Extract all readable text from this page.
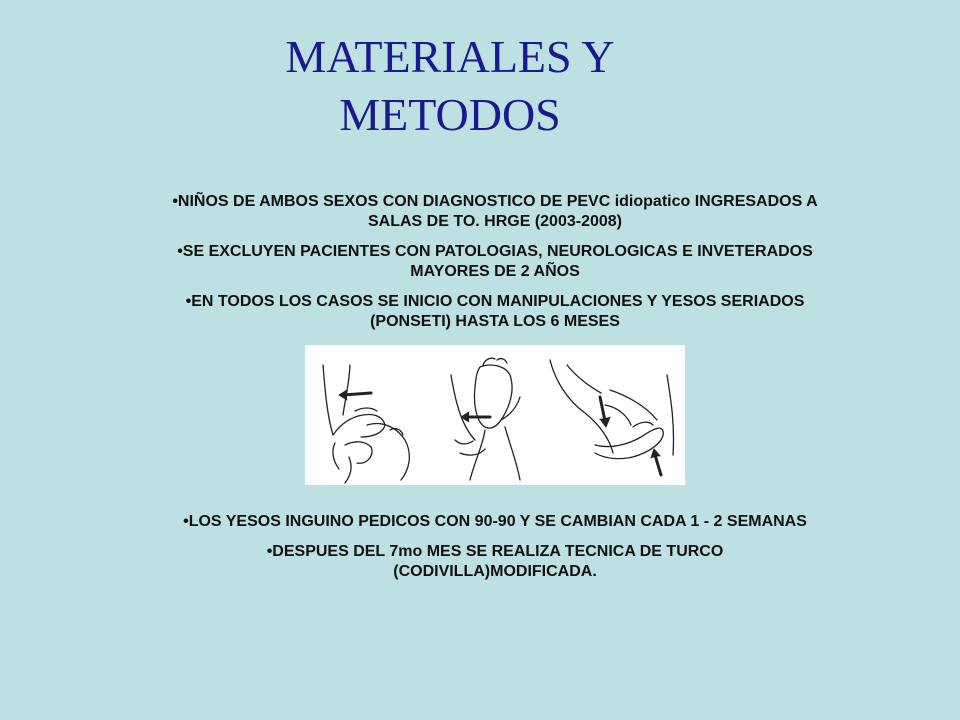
MATERIALES Y
METODOS
•NIÑOS DE AMBOS SEXOS CON DIAGNOSTICO DE PEVC idiopatico INGRESADOS A SALAS DE TO. HRGE (2003-2008)
•SE EXCLUYEN PACIENTES CON PATOLOGIAS, NEUROLOGICAS E INVETERADOS MAYORES DE 2 AÑOS
•EN TODOS LOS CASOS SE INICIO CON MANIPULACIONES Y YESOS SERIADOS (PONSETI) HASTA LOS 6 MESES
•LOS YESOS INGUINO PEDICOS CON 90-90 Y SE CAMBIAN CADA 1 - 2 SEMANAS
•DESPUES DEL 7mo MES SE REALIZA TECNICA DE TURCO (CODIVILLA)MODIFICADA.
